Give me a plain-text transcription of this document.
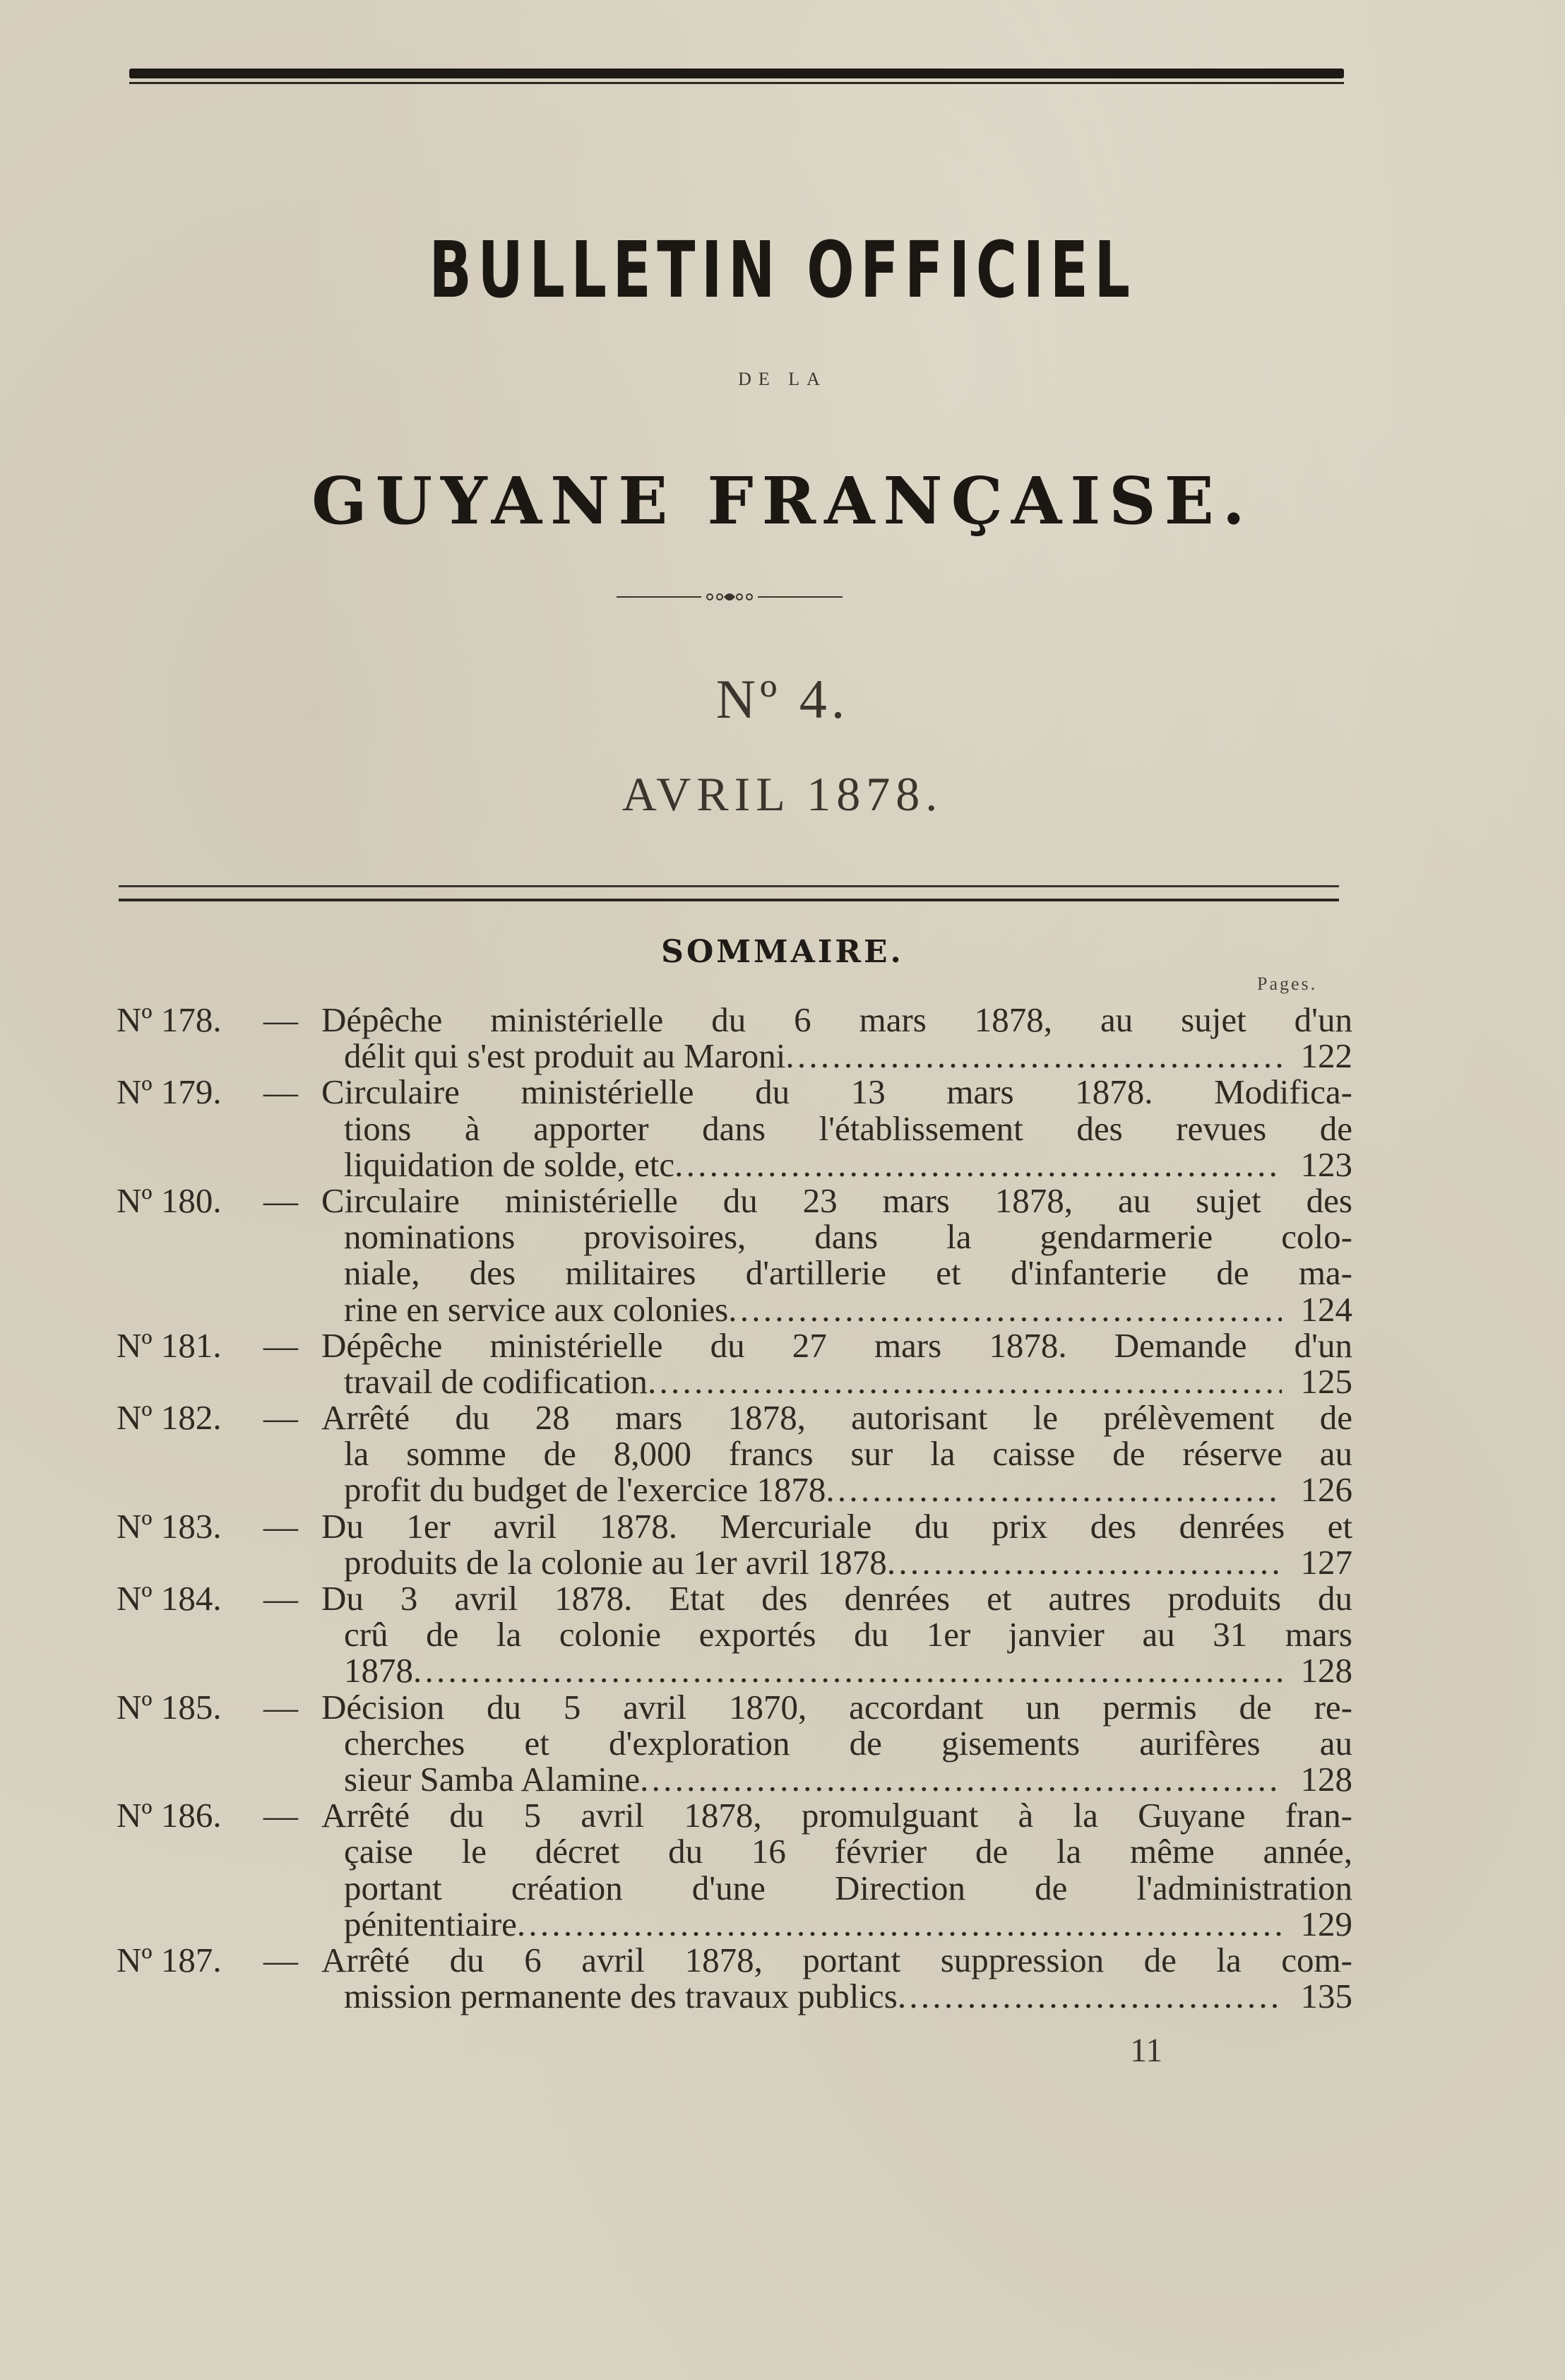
BULLETIN OFFICIEL
DE LA
GUYANE FRANÇAISE.
Nº 4.
AVRIL 1878.
SOMMAIRE.
Pages.
Nº 178. — Dépêche ministérielle du 6 mars 1878, au sujet d'un
délit qui s'est produit au Maroni . . .	122
Nº 179. — Circulaire ministérielle du 13 mars 1878. Modifica-
tions à apporter dans l'établissement des revues de
liquidation de solde, etc . . .	123
Nº 180. — Circulaire ministérielle du 23 mars 1878, au sujet des
nominations provisoires, dans la gendarmerie colo-
niale, des militaires d'artillerie et d'infanterie de ma-
rine en service aux colonies . . .	124
Nº 181. — Dépêche ministérielle du 27 mars 1878. Demande d'un
travail de codification . . .	125
Nº 182. — Arrêté du 28 mars 1878, autorisant le prélèvement de
la somme de 8,000 francs sur la caisse de réserve au
profit du budget de l'exercice 1878 . . .	126
Nº 183. — Du 1er avril 1878. Mercuriale du prix des denrées et
produits de la colonie au 1er avril 1878 . . .	127
Nº 184. — Du 3 avril 1878. Etat des denrées et autres produits du
crû de la colonie exportés du 1er janvier au 31 mars
1878 . . .	128
Nº 185. — Décision du 5 avril 1870, accordant un permis de re-
cherches et d'exploration de gisements aurifères au
sieur Samba Alamine . . .	128
Nº 186. — Arrêté du 5 avril 1878, promulguant à la Guyane fran-
çaise le décret du 16 février de la même année,
portant création d'une Direction de l'administration
pénitentiaire . . .	129
Nº 187. — Arrêté du 6 avril 1878, portant suppression de la com-
mission permanente des travaux publics . . .	135
11
